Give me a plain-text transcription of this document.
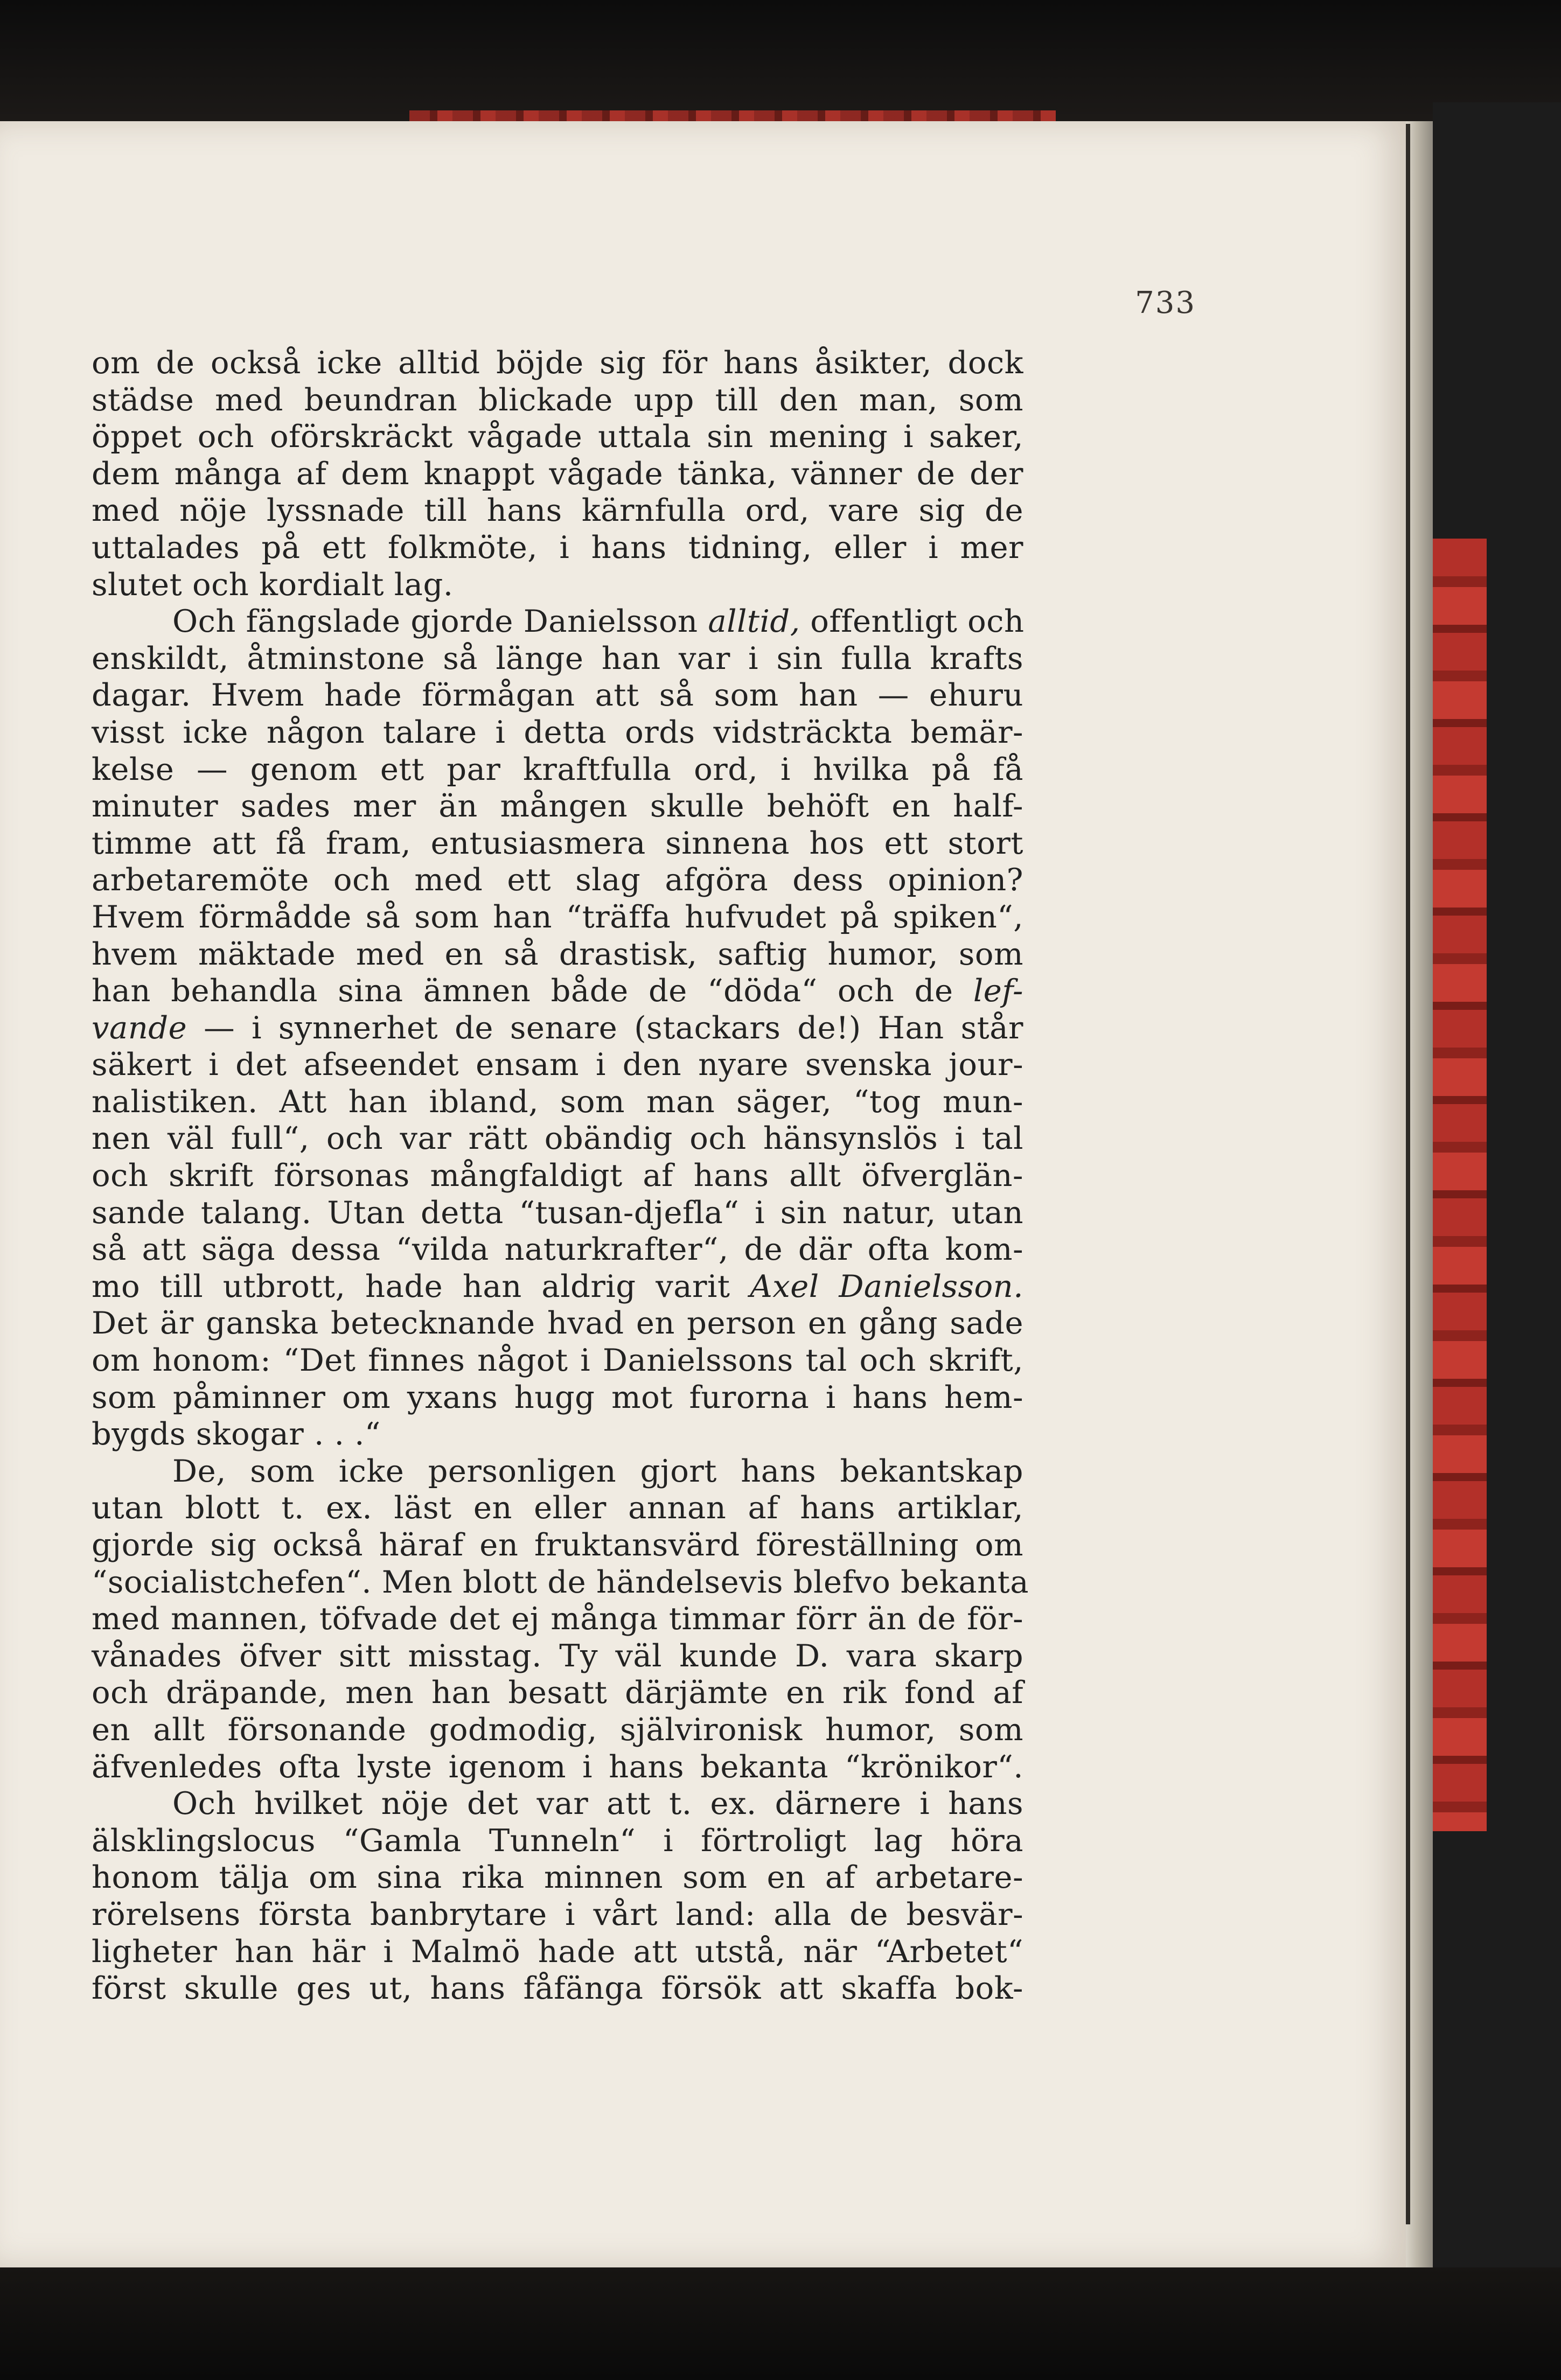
733
om de också icke alltid böjde sig för hans åsikter, dock
städse med beundran blickade upp till den man, som
öppet och oförskräckt vågade uttala sin mening i saker,
dem många af dem knappt vågade tänka, vänner de der
med nöje lyssnade till hans kärnfulla ord, vare sig de
uttalades på ett folkmöte, i hans tidning, eller i mer
slutet och kordialt lag.
Och fängslade gjorde Danielsson alltid, offentligt och
enskildt, åtminstone så länge han var i sin fulla krafts
dagar. Hvem hade förmågan att så som han — ehuru
visst icke någon talare i detta ords vidsträckta bemär-
kelse — genom ett par kraftfulla ord, i hvilka på få
minuter sades mer än mången skulle behöft en half-
timme att få fram, entusiasmera sinnena hos ett stort
arbetaremöte och med ett slag afgöra dess opinion?
Hvem förmådde så som han “träffa hufvudet på spiken“,
hvem mäktade med en så drastisk, saftig humor, som
han behandla sina ämnen både de “döda“ och de lef-
vande — i synnerhet de senare (stackars de!) Han står
säkert i det afseendet ensam i den nyare svenska jour-
nalistiken. Att han ibland, som man säger, “tog mun-
nen väl full“, och var rätt obändig och hänsynslös i tal
och skrift försonas mångfaldigt af hans allt öfverglän-
sande talang. Utan detta “tusan-djefla“ i sin natur, utan
så att säga dessa “vilda naturkrafter“, de där ofta kom-
mo till utbrott, hade han aldrig varit Axel Danielsson.
Det är ganska betecknande hvad en person en gång sade
om honom: “Det finnes något i Danielssons tal och skrift,
som påminner om yxans hugg mot furorna i hans hem-
bygds skogar . . .“
De, som icke personligen gjort hans bekantskap
utan blott t. ex. läst en eller annan af hans artiklar,
gjorde sig också häraf en fruktansvärd föreställning om
“socialistchefen“. Men blott de händelsevis blefvo bekanta
med mannen, töfvade det ej många timmar förr än de för-
vånades öfver sitt misstag. Ty väl kunde D. vara skarp
och dräpande, men han besatt därjämte en rik fond af
en allt försonande godmodig, självironisk humor, som
äfvenledes ofta lyste igenom i hans bekanta “krönikor“.
Och hvilket nöje det var att t. ex. därnere i hans
älsklingslocus “Gamla Tunneln“ i förtroligt lag höra
honom tälja om sina rika minnen som en af arbetare-
rörelsens första banbrytare i vårt land: alla de besvär-
ligheter han här i Malmö hade att utstå, när “Arbetet“
först skulle ges ut, hans fåfänga försök att skaffa bok-
